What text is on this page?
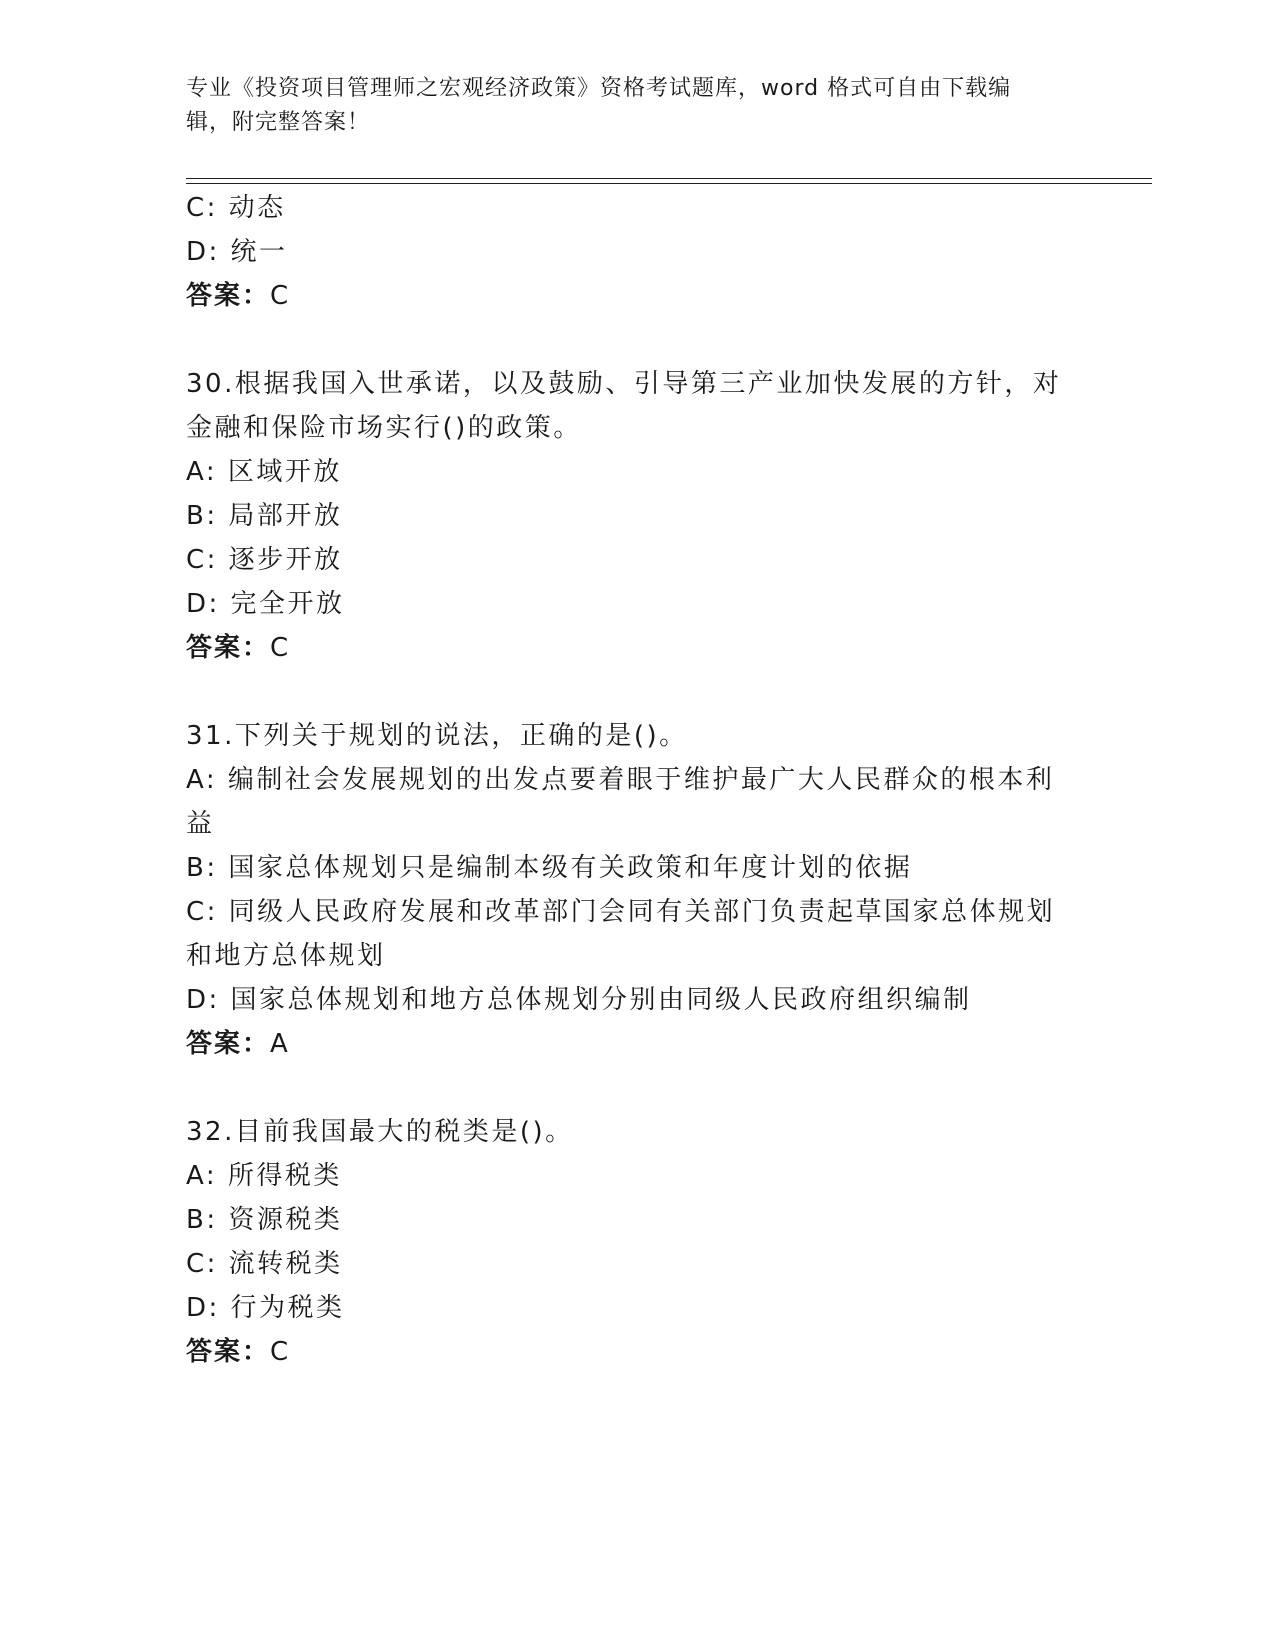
专业《投资项目管理师之宏观经济政策》资格考试题库，word 格式可自由下载编
辑，附完整答案！
C: 动态
D: 统一
答案：C
30.根据我国入世承诺，以及鼓励、引导第三产业加快发展的方针，对
金融和保险市场实行()的政策。
A: 区域开放
B: 局部开放
C: 逐步开放
D: 完全开放
答案：C
31.下列关于规划的说法，正确的是()。
A: 编制社会发展规划的出发点要着眼于维护最广大人民群众的根本利
益
B: 国家总体规划只是编制本级有关政策和年度计划的依据
C: 同级人民政府发展和改革部门会同有关部门负责起草国家总体规划
和地方总体规划
D: 国家总体规划和地方总体规划分别由同级人民政府组织编制
答案：A
32.目前我国最大的税类是()。
A: 所得税类
B: 资源税类
C: 流转税类
D: 行为税类
答案：C
